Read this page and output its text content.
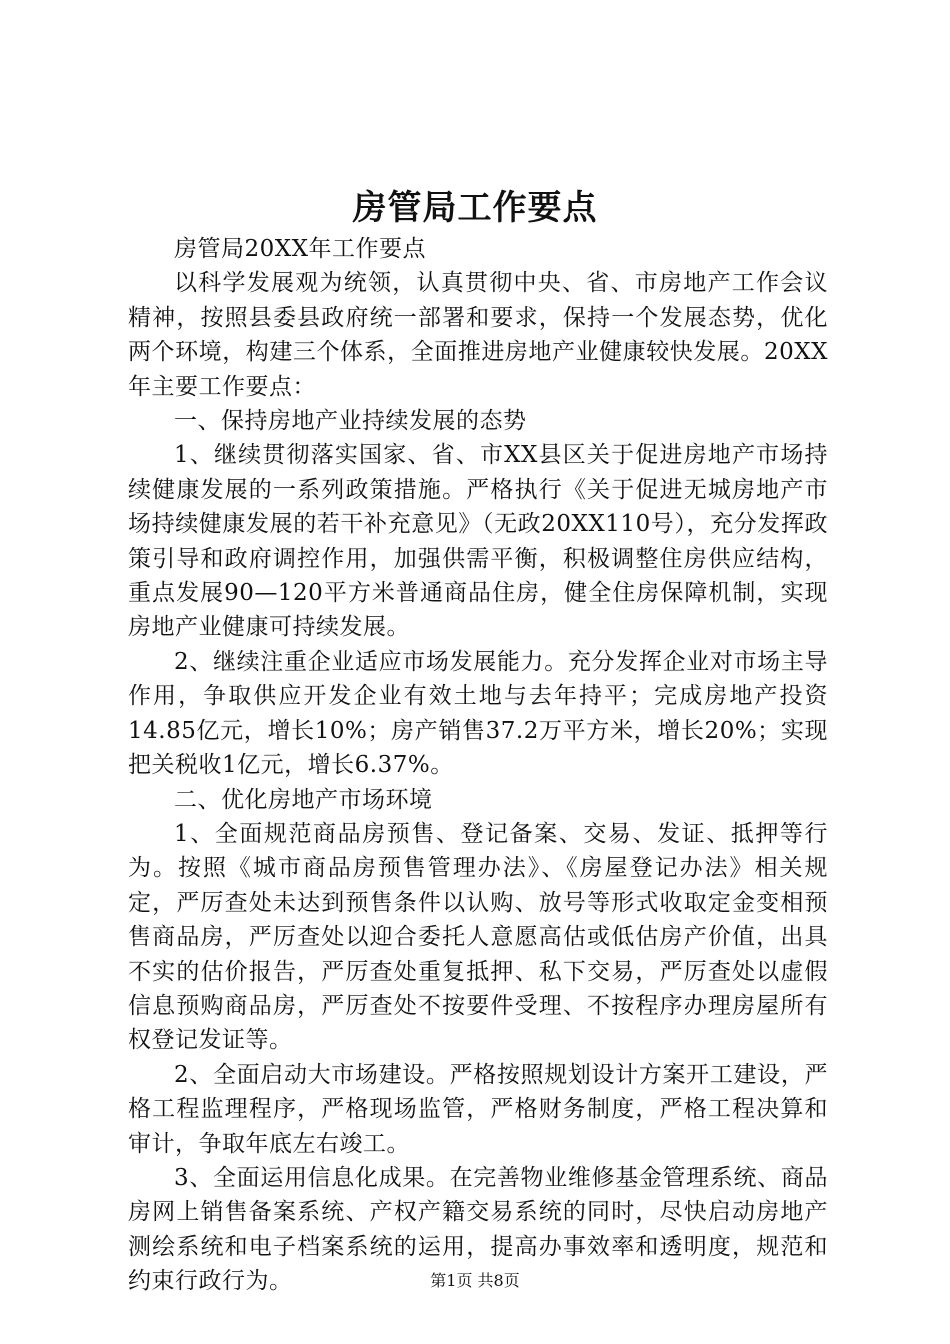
房管局工作要点

房管局20XX年工作要点

以科学发展观为统领，认真贯彻中央、省、市房地产工作会议精神，按照县委县政府统一部署和要求，保持一个发展态势，优化两个环境，构建三个体系，全面推进房地产业健康较快发展。20XX年主要工作要点：

一、保持房地产业持续发展的态势

1、继续贯彻落实国家、省、市XX县区关于促进房地产市场持续健康发展的一系列政策措施。严格执行《关于促进无城房地产市场持续健康发展的若干补充意见》（无政20XX110号），充分发挥政策引导和政府调控作用，加强供需平衡，积极调整住房供应结构，重点发展90—120平方米普通商品住房，健全住房保障机制，实现房地产业健康可持续发展。

2、继续注重企业适应市场发展能力。充分发挥企业对市场主导作用，争取供应开发企业有效土地与去年持平；完成房地产投资14.85亿元，增长10%；房产销售37.2万平方米，增长20%；实现把关税收1亿元，增长6.37%。

二、优化房地产市场环境

1、全面规范商品房预售、登记备案、交易、发证、抵押等行为。按照《城市商品房预售管理办法》、《房屋登记办法》相关规定，严厉查处未达到预售条件以认购、放号等形式收取定金变相预售商品房，严厉查处以迎合委托人意愿高估或低估房产价值，出具不实的估价报告，严厉查处重复抵押、私下交易，严厉查处以虚假信息预购商品房，严厉查处不按要件受理、不按程序办理房屋所有权登记发证等。

2、全面启动大市场建设。严格按照规划设计方案开工建设，严格工程监理程序，严格现场监管，严格财务制度，严格工程决算和审计，争取年底左右竣工。

3、全面运用信息化成果。在完善物业维修基金管理系统、商品房网上销售备案系统、产权产籍交易系统的同时，尽快启动房地产测绘系统和电子档案系统的运用，提高办事效率和透明度，规范和约束行政行为。	第1页 共8页
